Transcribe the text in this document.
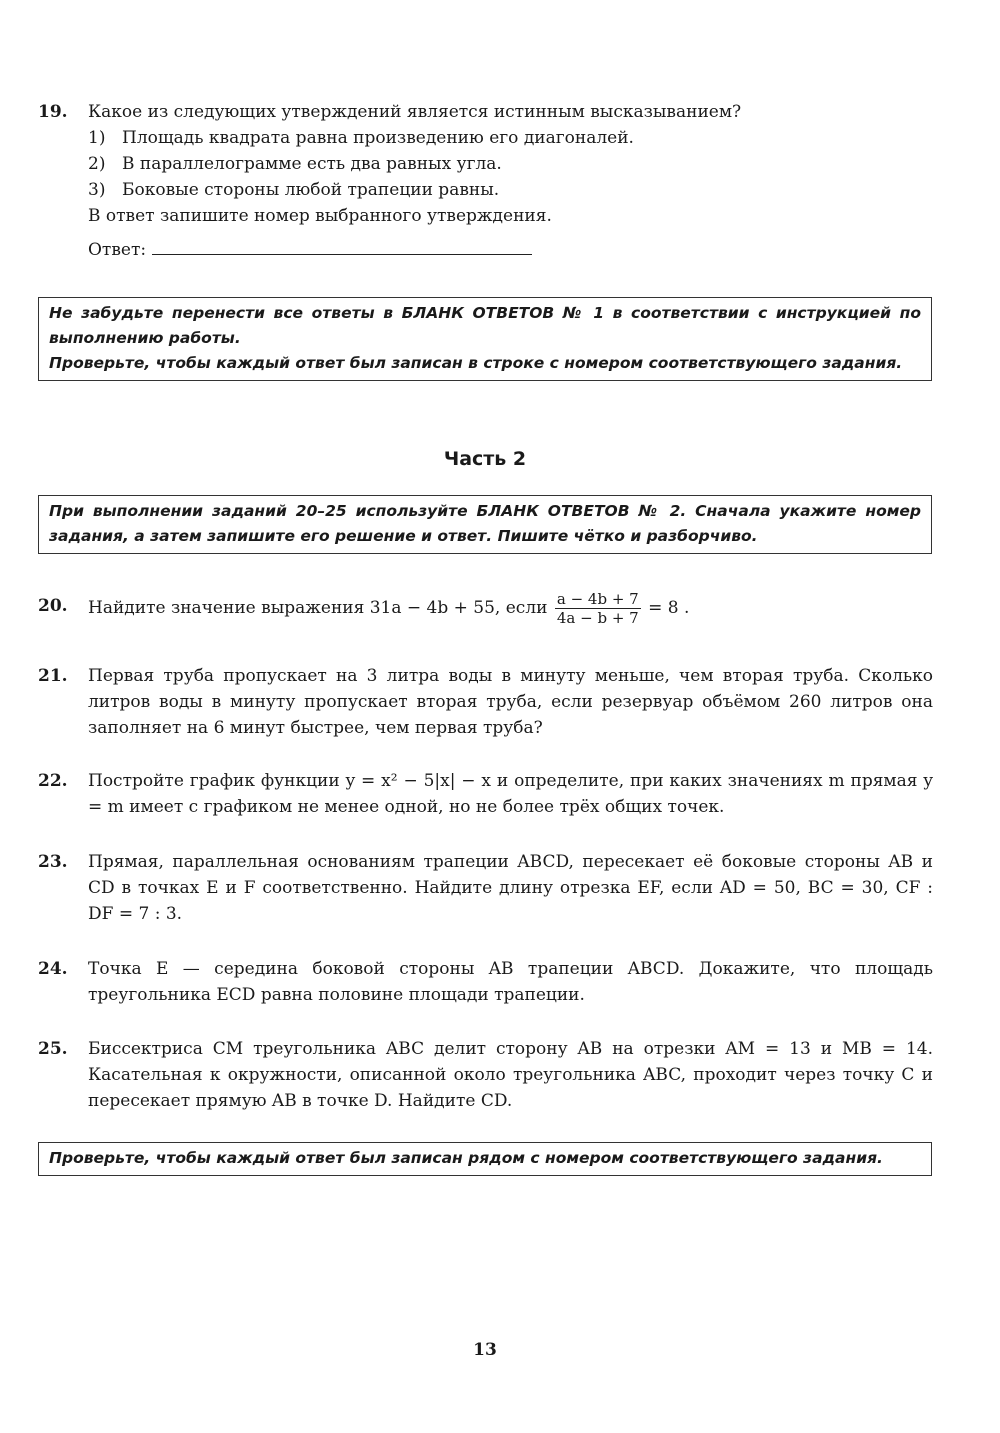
19. Какое из следующих утверждений является истинным высказыванием?
1) Площадь квадрата равна произведению его диагоналей.
2) В параллелограмме есть два равных угла.
3) Боковые стороны любой трапеции равны.
В ответ запишите номер выбранного утверждения.
Ответ:

Не забудьте перенести все ответы в БЛАНК ОТВЕТОВ № 1 в соответствии с инструкцией по выполнению работы.

Проверьте, чтобы каждый ответ был записан в строке с номером соответствующего задания.

Часть 2

При выполнении заданий 20–25 используйте БЛАНК ОТВЕТОВ № 2. Сначала укажите номер задания, а затем запишите его решение и ответ. Пишите чётко и разборчиво.

20. Найдите значение выражения 31a − 4b + 55, если $\frac{a - 4b + 7}{4a - b + 7} = 8$ .
21. Первая труба пропускает на 3 литра воды в минуту меньше, чем вторая труба. Сколько литров воды в минуту пропускает вторая труба, если резервуар объёмом 260 литров она заполняет на 6 минут быстрее, чем первая труба?
22. Постройте график функции y = x² − 5|x| − x и определите, при каких значениях m прямая y = m имеет с графиком не менее одной, но не более трёх общих точек.
23. Прямая, параллельная основаниям трапеции ABCD, пересекает её боковые стороны AB и CD в точках E и F соответственно. Найдите длину отрезка EF, если AD = 50, BC = 30, CF : DF = 7 : 3.
24. Точка E — середина боковой стороны AB трапеции ABCD. Докажите, что площадь треугольника ECD равна половине площади трапеции.
25. Биссектриса CM треугольника ABC делит сторону AB на отрезки AM = 13 и MB = 14. Касательная к окружности, описанной около треугольника ABC, проходит через точку C и пересекает прямую AB в точке D. Найдите CD.

Проверьте, чтобы каждый ответ был записан рядом с номером соответствующего задания.

13
